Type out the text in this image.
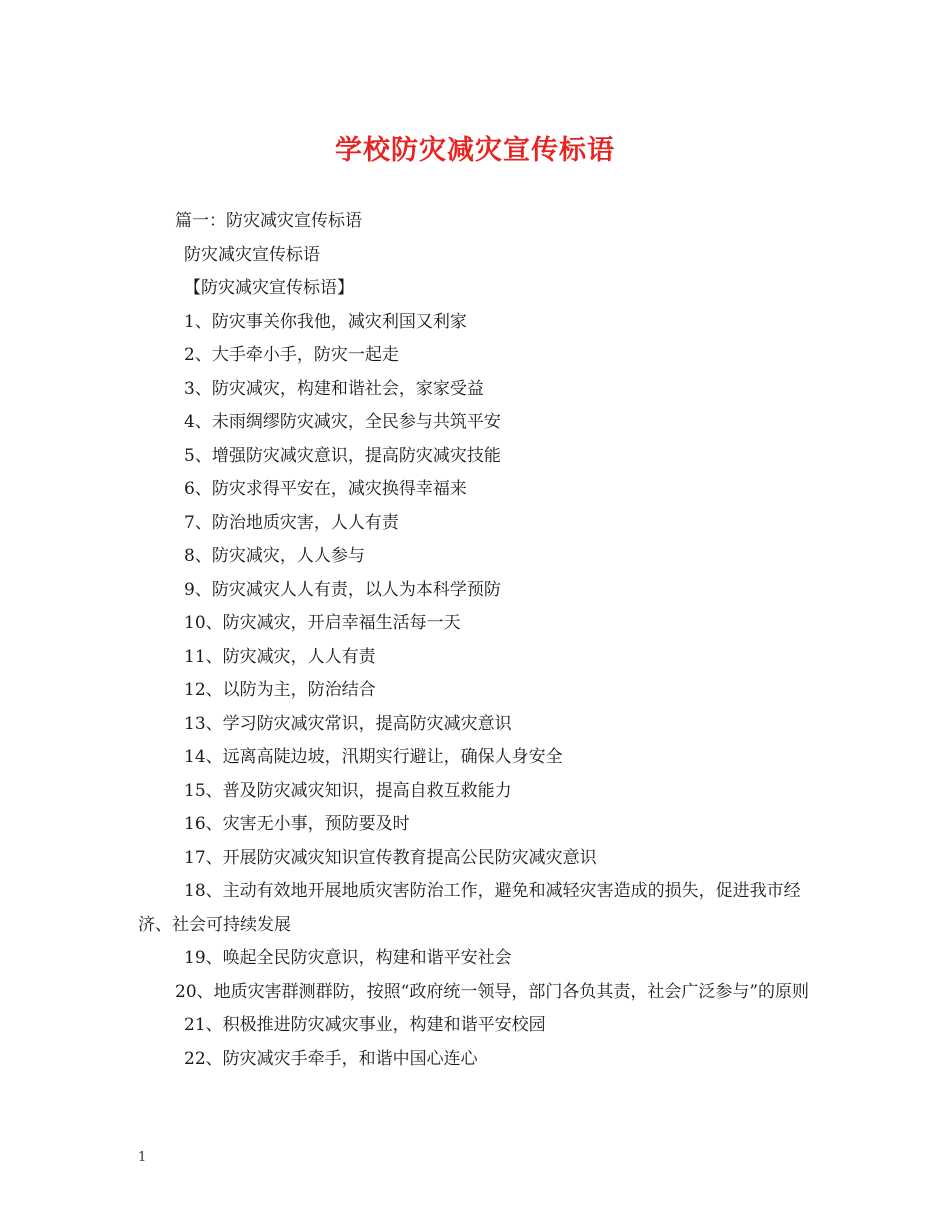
学校防灾减灾宣传标语
篇一：防灾减灾宣传标语
防灾减灾宣传标语
【防灾减灾宣传标语】
1、防灾事关你我他，减灾利国又利家
2、大手牵小手，防灾一起走
3、防灾减灾，构建和谐社会，家家受益
4、未雨绸缪防灾减灾，全民参与共筑平安
5、增强防灾减灾意识，提高防灾减灾技能
6、防灾求得平安在，减灾换得幸福来
7、防治地质灾害，人人有责
8、防灾减灾，人人参与
9、防灾减灾人人有责，以人为本科学预防
10、防灾减灾，开启幸福生活每一天
11、防灾减灾，人人有责
12、以防为主，防治结合
13、学习防灾减灾常识，提高防灾减灾意识
14、远离高陡边坡，汛期实行避让，确保人身安全
15、普及防灾减灾知识，提高自救互救能力
16、灾害无小事，预防要及时
17、开展防灾减灾知识宣传教育提高公民防灾减灾意识
18、主动有效地开展地质灾害防治工作，避免和减轻灾害造成的损失，促进我市经济、社会可持续发展
19、唤起全民防灾意识，构建和谐平安社会
20、地质灾害群测群防，按照“政府统一领导，部门各负其责，社会广泛参与”的原则
21、积极推进防灾减灾事业，构建和谐平安校园
22、防灾减灾手牵手，和谐中国心连心
1
